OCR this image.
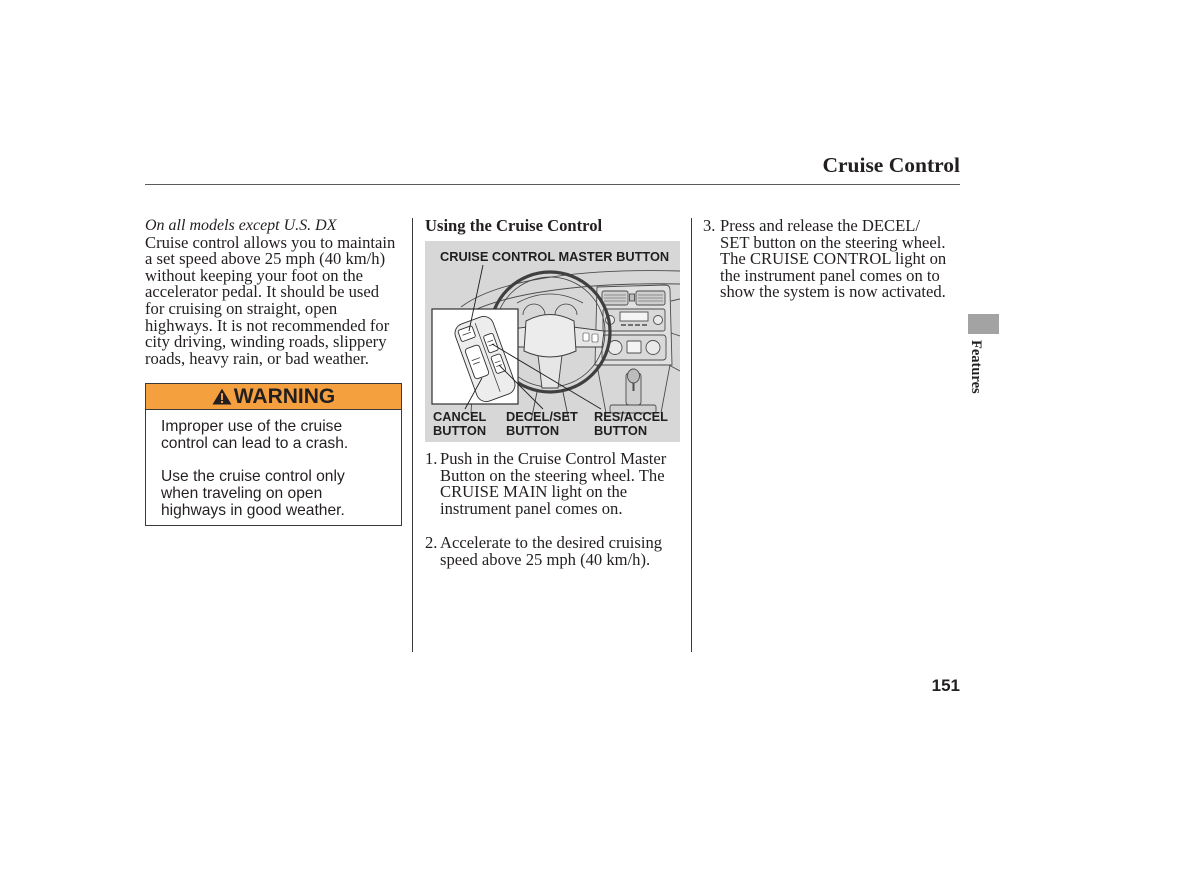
Cruise Control
On all models except U.S. DX
Cruise control allows you to maintain
a set speed above 25 mph (40 km/h)
without keeping your foot on the
accelerator pedal. It should be used
for cruising on straight, open
highways. It is not recommended for
city driving, winding roads, slippery
roads, heavy rain, or bad weather.
WARNING

Improper use of the cruise
control can lead to a crash.

Use the cruise control only
when traveling on open
highways in good weather.

Using the Cruise Control
CRUISE CONTROL MASTER BUTTON
CANCEL
BUTTON
DECEL/SET
BUTTON
RES/ACCEL
BUTTON
1. Push in the Cruise Control Master
Button on the steering wheel. The
CRUISE MAIN light on the
instrument panel comes on.
2. Accelerate to the desired cruising
speed above 25 mph (40 km/h).
3. Press and release the DECEL/
SET button on the steering wheel.
The CRUISE CONTROL light on
the instrument panel comes on to
show the system is now activated.
Features
151
